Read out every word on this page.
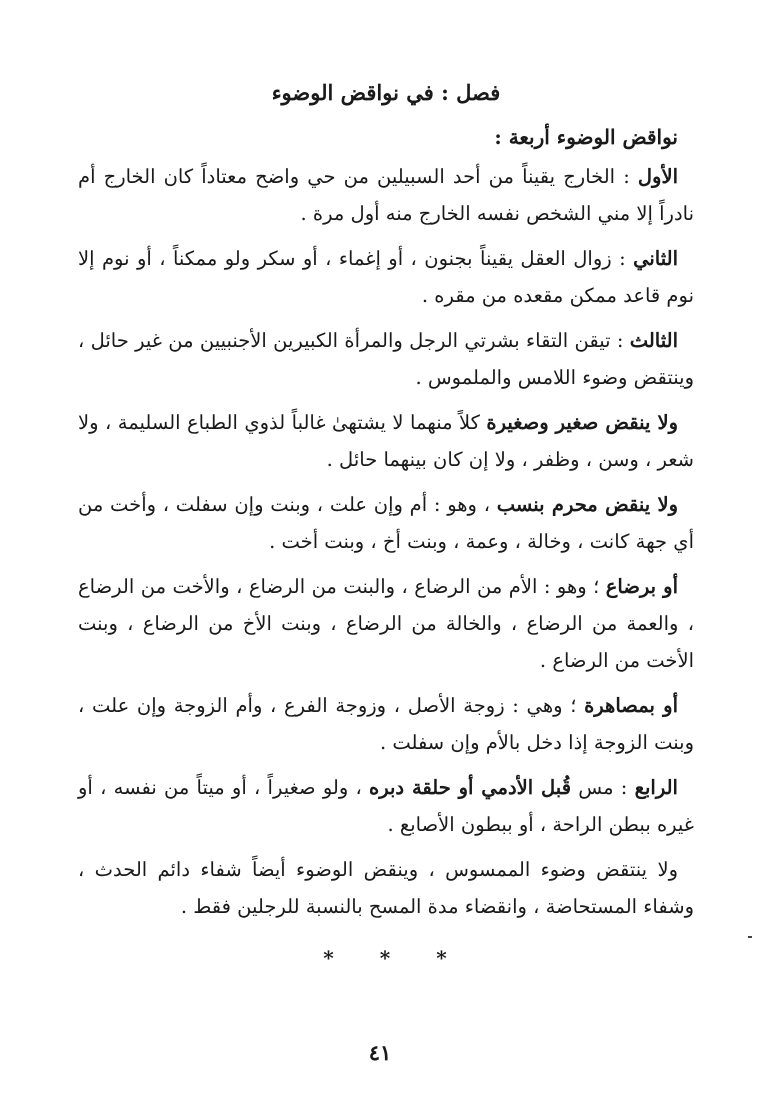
فصل : في نواقض الوضوء
نواقض الوضوء أربعة :

الأول : الخارج يقيناً من أحد السبيلين من حي واضح معتاداً كان الخارج أم نادراً إلا مني الشخص نفسه الخارج منه أول مرة .

الثاني : زوال العقل يقيناً بجنون ، أو إغماء ، أو سكر ولو ممكناً ، أو نوم إلا نوم قاعد ممكن مقعده من مقره .

الثالث : تيقن التقاء بشرتي الرجل والمرأة الكبيرين الأجنبيين من غير حائل ، وينتقض وضوء اللامس والملموس .

ولا ينقض صغير وصغيرة كلاً منهما لا يشتهىٰ غالباً لذوي الطباع السليمة ، ولا شعر ، وسن ، وظفر ، ولا إن كان بينهما حائل .

ولا ينقض محرم بنسب ، وهو : أم وإن علت ، وبنت وإن سفلت ، وأخت من أي جهة كانت ، وخالة ، وعمة ، وبنت أخ ، وبنت أخت .

أو برضاع ؛ وهو : الأم من الرضاع ، والبنت من الرضاع ، والأخت من الرضاع ، والعمة من الرضاع ، والخالة من الرضاع ، وبنت الأخ من الرضاع ، وبنت الأخت من الرضاع .

أو بمصاهرة ؛ وهي : زوجة الأصل ، وزوجة الفرع ، وأم الزوجة وإن علت ، وبنت الزوجة إذا دخل بالأم وإن سفلت .

الرابع : مس قُبل الأدمي أو حلقة دبره ، ولو صغيراً ، أو ميتاً من نفسه ، أو غيره ببطن الراحة ، أو ببطون الأصابع .

ولا ينتقض وضوء الممسوس ، وينقض الوضوء أيضاً شفاء دائم الحدث ، وشفاء المستحاضة ، وانقضاء مدة المسح بالنسبة للرجلين فقط .

***
٤١
